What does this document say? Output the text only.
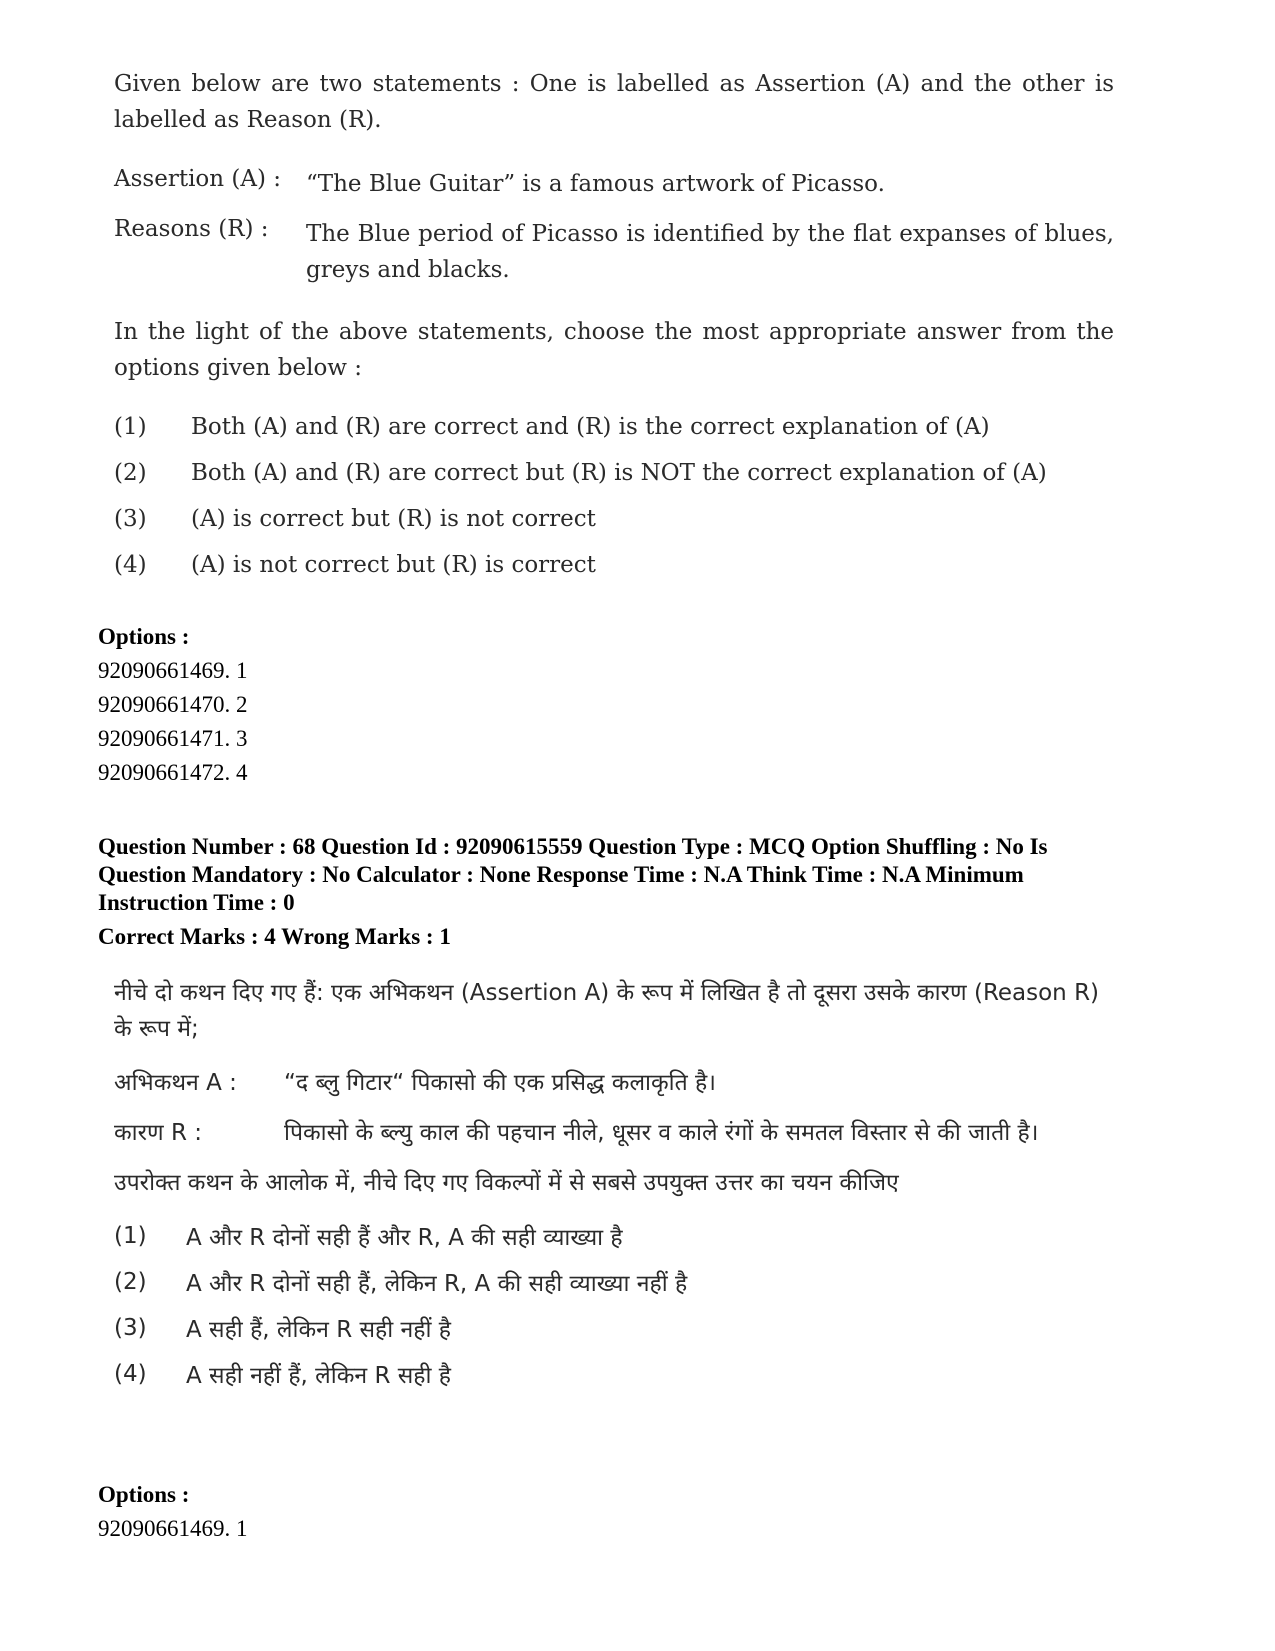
Given below are two statements : One is labelled as Assertion (A) and the other is labelled as Reason (R).

Assertion (A) :	“The Blue Guitar” is a famous artwork of Picasso.
Reasons (R) :	The Blue period of Picasso is identified by the flat expanses of blues, greys and blacks.

In the light of the above statements, choose the most appropriate answer from the options given below :

(1)	Both (A) and (R) are correct and (R) is the correct explanation of (A)
(2)	Both (A) and (R) are correct but (R) is NOT the correct explanation of (A)
(3)	(A) is correct but (R) is not correct
(4)	(A) is not correct but (R) is correct
Options :
92090661469. 1
92090661470. 2
92090661471. 3
92090661472. 4
Question Number : 68 Question Id : 92090615559 Question Type : MCQ Option Shuffling : No Is
Question Mandatory : No Calculator : None Response Time : N.A Think Time : N.A Minimum
Instruction Time : 0
Correct Marks : 4 Wrong Marks : 1

नीचे दो कथन दिए गए हैं: एक अभिकथन (Assertion A) के रूप में लिखित है तो दूसरा उसके कारण (Reason R) के रूप में;

अभिकथन A :	“द ब्लु गिटार“ पिकासो की एक प्रसिद्ध कलाकृति है।
कारण R :	पिकासो के ब्ल्यु काल की पहचान नीले, धूसर व काले रंगों के समतल विस्तार से की जाती है।

उपरोक्त कथन के आलोक में, नीचे दिए गए विकल्पों में से सबसे उपयुक्त उत्तर का चयन कीजिए

(1)	A और R दोनों सही हैं और R, A की सही व्याख्या है
(2)	A और R दोनों सही हैं, लेकिन R, A की सही व्याख्या नहीं है
(3)	A सही हैं, लेकिन R सही नहीं है
(4)	A सही नहीं हैं, लेकिन R सही है
Options :
92090661469. 1
